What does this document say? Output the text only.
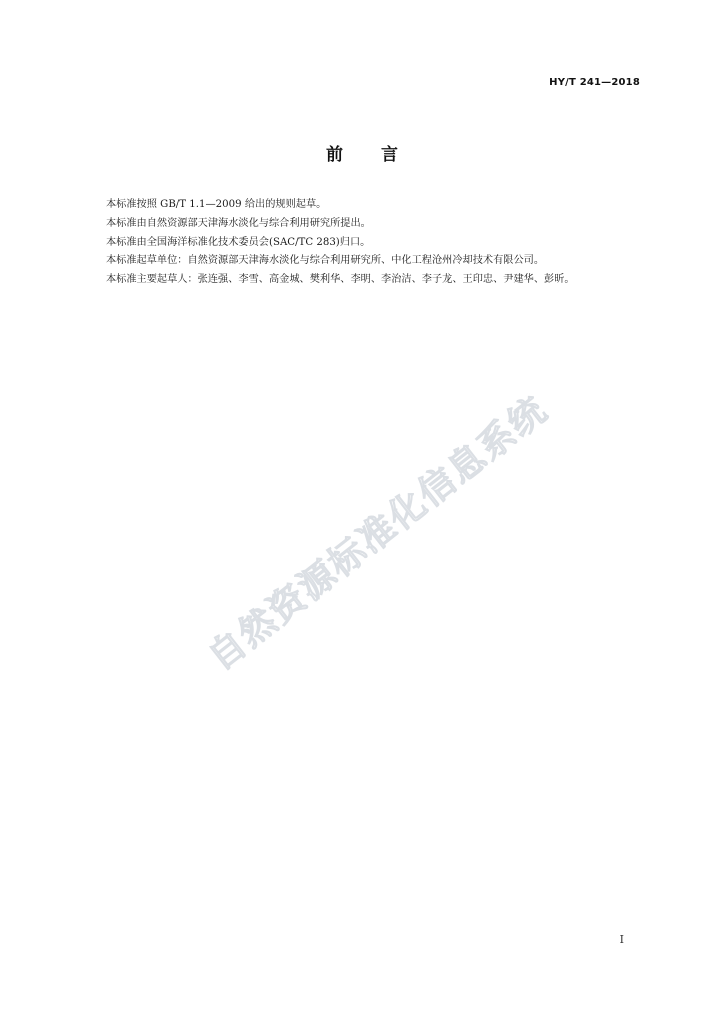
HY/T 241—2018
前 言

本标准按照 GB/T 1.1—2009 给出的规则起草。

本标准由自然资源部天津海水淡化与综合利用研究所提出。

本标准由全国海洋标准化技术委员会(SAC/TC 283)归口。

本标准起草单位：自然资源部天津海水淡化与综合利用研究所、中化工程沧州冷却技术有限公司。

本标准主要起草人：张连强、李雪、高金城、樊利华、李明、李治洁、李子龙、王印忠、尹建华、彭昕。

自然资源标准化信息系统
I
